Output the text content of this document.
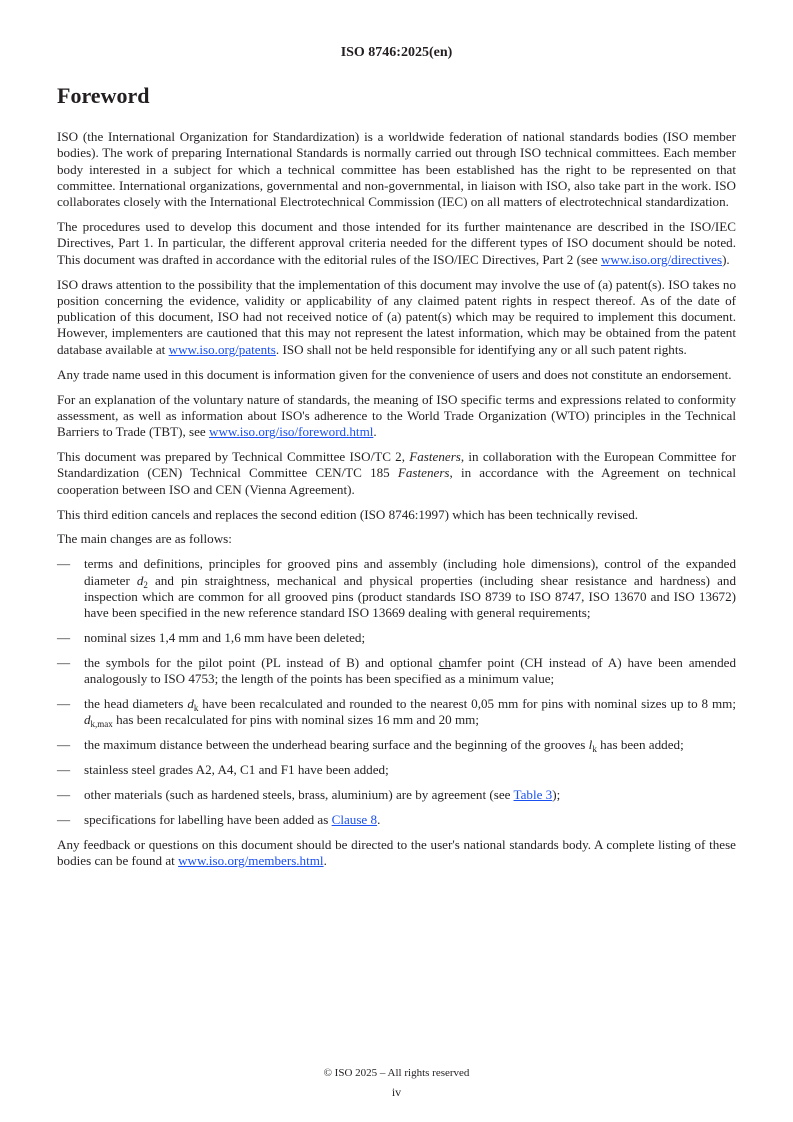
ISO 8746:2025(en)
Foreword

ISO (the International Organization for Standardization) is a worldwide federation of national standards bodies (ISO member bodies). The work of preparing International Standards is normally carried out through ISO technical committees. Each member body interested in a subject for which a technical committee has been established has the right to be represented on that committee. International organizations, governmental and non-governmental, in liaison with ISO, also take part in the work. ISO collaborates closely with the International Electrotechnical Commission (IEC) on all matters of electrotechnical standardization.

The procedures used to develop this document and those intended for its further maintenance are described in the ISO/IEC Directives, Part 1. In particular, the different approval criteria needed for the different types of ISO document should be noted. This document was drafted in accordance with the editorial rules of the ISO/IEC Directives, Part 2 (see www.iso.org/directives).

ISO draws attention to the possibility that the implementation of this document may involve the use of (a) patent(s). ISO takes no position concerning the evidence, validity or applicability of any claimed patent rights in respect thereof. As of the date of publication of this document, ISO had not received notice of (a) patent(s) which may be required to implement this document. However, implementers are cautioned that this may not represent the latest information, which may be obtained from the patent database available at www.iso.org/patents. ISO shall not be held responsible for identifying any or all such patent rights.

Any trade name used in this document is information given for the convenience of users and does not constitute an endorsement.

For an explanation of the voluntary nature of standards, the meaning of ISO specific terms and expressions related to conformity assessment, as well as information about ISO's adherence to the World Trade Organization (WTO) principles in the Technical Barriers to Trade (TBT), see www.iso.org/iso/foreword.html.

This document was prepared by Technical Committee ISO/TC 2, Fasteners, in collaboration with the European Committee for Standardization (CEN) Technical Committee CEN/TC 185 Fasteners, in accordance with the Agreement on technical cooperation between ISO and CEN (Vienna Agreement).

This third edition cancels and replaces the second edition (ISO 8746:1997) which has been technically revised.

The main changes are as follows:

— terms and definitions, principles for grooved pins and assembly (including hole dimensions), control of the expanded diameter $d_2$ and pin straightness, mechanical and physical properties (including shear resistance and hardness) and inspection which are common for all grooved pins (product standards ISO 8739 to ISO 8747, ISO 13670 and ISO 13672) have been specified in the new reference standard ISO 13669 dealing with general requirements;
— nominal sizes 1,4 mm and 1,6 mm have been deleted;
— the symbols for the pilot point (PL instead of B) and optional chamfer point (CH instead of A) have been amended analogously to ISO 4753; the length of the points has been specified as a minimum value;
— the head diameters $d_k$ have been recalculated and rounded to the nearest 0,05 mm for pins with nominal sizes up to 8 mm; $d_{k,max}$ has been recalculated for pins with nominal sizes 16 mm and 20 mm;
— the maximum distance between the underhead bearing surface and the beginning of the grooves $l_k$ has been added;
— stainless steel grades A2, A4, C1 and F1 have been added;
— other materials (such as hardened steels, brass, aluminium) are by agreement (see Table 3);
— specifications for labelling have been added as Clause 8.

Any feedback or questions on this document should be directed to the user's national standards body. A complete listing of these bodies can be found at www.iso.org/members.html.

© ISO 2025 – All rights reserved
iv
